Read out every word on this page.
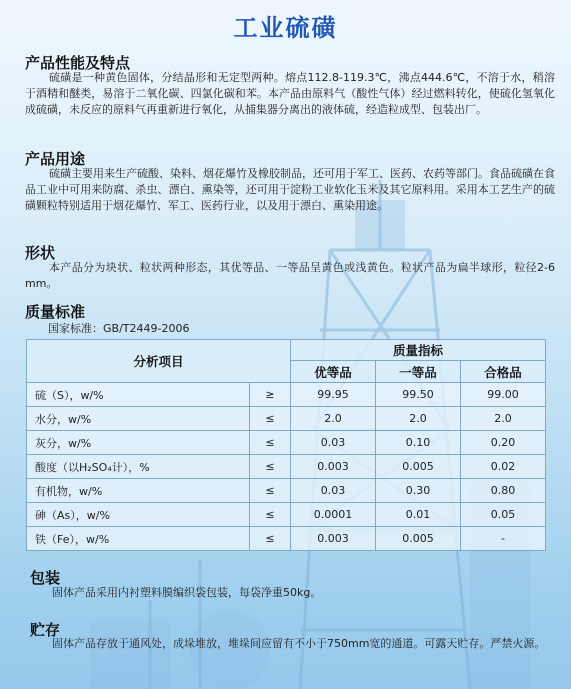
工业硫磺
产品性能及特点
硫磺是一种黄色固体，分结晶形和无定型两种。熔点112.8-119.3℃，沸点444.6℃，不溶于水，稍溶于酒精和醚类，易溶于二氧化碳、四氯化碳和苯。本产品由原料气（酸性气体）经过燃料转化，使硫化氢氧化成硫磺，未反应的原料气再重新进行氧化，从捕集器分离出的液体硫，经造粒成型、包装出厂。
产品用途
硫磺主要用来生产硫酸、染料、烟花爆竹及橡胶制品，还可用于军工、医药、农药等部门。食品硫磺在食品工业中可用来防腐、杀虫、漂白、熏染等，还可用于淀粉工业软化玉米及其它原料用。采用本工艺生产的硫磺颗粒特别适用于烟花爆竹、军工、医药行业，以及用于漂白、熏染用途。
形状
本产品分为块状、粒状两种形态，其优等品、一等品呈黄色或浅黄色。粒状产品为扁半球形，粒径2-6 mm。
质量标准
国家标准：GB/T2449-2006
分析项目		质量指标		
		优等品	一等品	合格品
硫（S），w/%	≥	99.95	99.50	99.00
水分，w/%	≤	2.0	2.0	2.0
灰分，w/%	≤	0.03	0.10	0.20
酸度（以H₂SO₄计），%	≤	0.003	0.005	0.02
有机物，w/%	≤	0.03	0.30	0.80
砷（As），w/%	≤	0.0001	0.01	0.05
铁（Fe），w/%	≤	0.003	0.005	-
包装
固体产品采用内衬塑料膜编织袋包装，每袋净重50kg。
贮存
固体产品存放于通风处，成垛堆放，堆垛间应留有不小于750mm宽的通道。可露天贮存。严禁火源。
